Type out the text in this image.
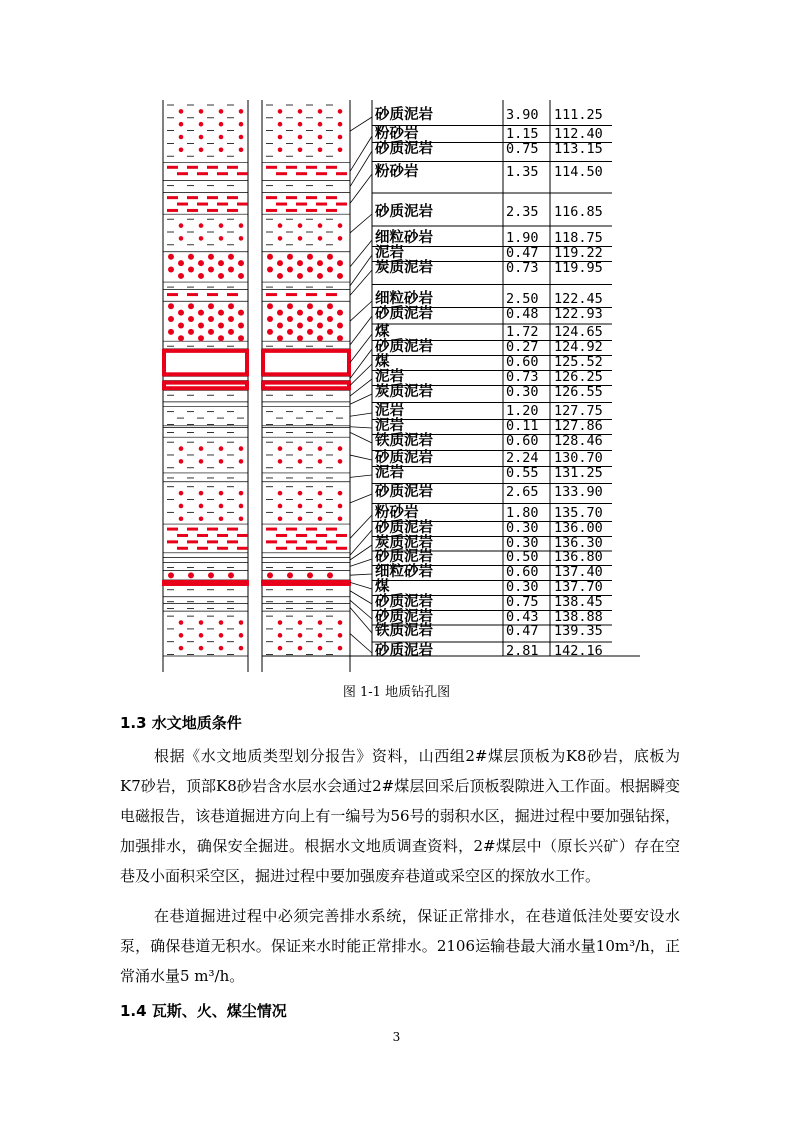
砂质泥岩
粉砂岩
砂质泥岩
粉砂岩
砂质泥岩
细粒砂岩
泥岩
炭质泥岩
细粒砂岩
砂质泥岩
煤
砂质泥岩
煤
泥岩
炭质泥岩
泥岩
泥岩
铁质泥岩
砂质泥岩
泥岩
砂质泥岩
粉砂岩
砂质泥岩
炭质泥岩
砂质泥岩
细粒砂岩
煤
砂质泥岩
砂质泥岩
铁质泥岩
砂质泥岩
3.90 111.25
1.15 112.40
0.75 113.15
1.35 114.50
2.35 116.85
1.90 118.75
0.47 119.22
0.73 119.95
2.50 122.45
0.48 122.93
1.72 124.65
0.27 124.92
0.60 125.52
0.73 126.25
0.30 126.55
1.20 127.75
0.11 127.86
0.60 128.46
2.24 130.70
0.55 131.25
2.65 133.90
1.80 135.70
0.30 136.00
0.30 136.30
0.50 136.80
0.60 137.40
0.30 137.70
0.75 138.45
0.43 138.88
0.47 139.35
2.81 142.16
图 1-1 地质钻孔图
1.3 水文地质条件
根据《水文地质类型划分报告》资料，山西组2#煤层顶板为K8砂岩，底板为K7砂岩，顶部K8砂岩含水层水会通过2#煤层回采后顶板裂隙进入工作面。根据瞬变电磁报告，该巷道掘进方向上有一编号为56号的弱积水区，掘进过程中要加强钻探，加强排水，确保安全掘进。根据水文地质调查资料，2#煤层中（原长兴矿）存在空巷及小面积采空区，掘进过程中要加强废弃巷道或采空区的探放水工作。
在巷道掘进过程中必须完善排水系统，保证正常排水，在巷道低洼处要安设水泵，确保巷道无积水。保证来水时能正常排水。2106运输巷最大涌水量10m³/h，正常涌水量5 m³/h。
1.4 瓦斯、火、煤尘情况
3
